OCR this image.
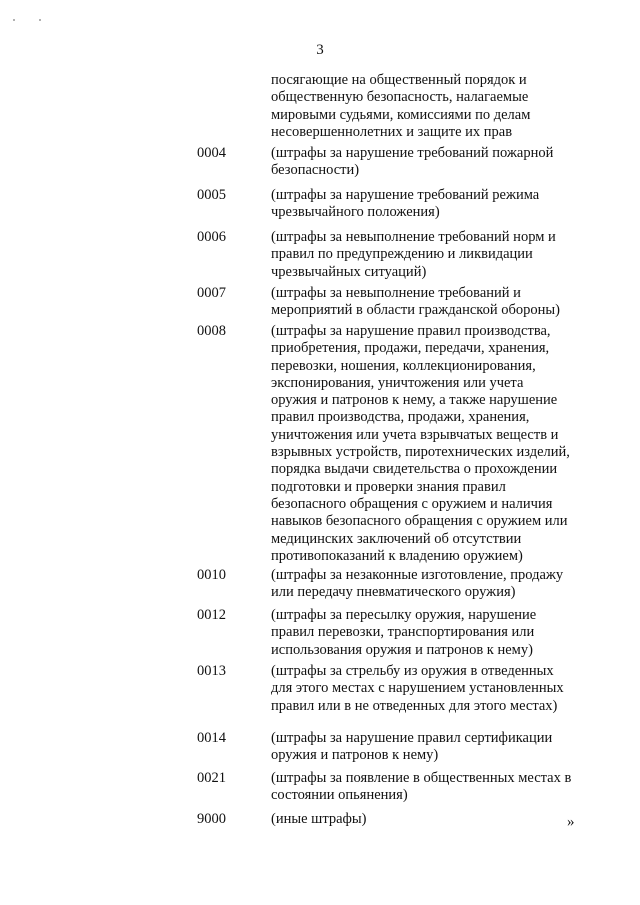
3
посягающие на общественный порядок и
общественную безопасность, налагаемые
мировыми судьями, комиссиями по делам
несовершеннолетних и защите их прав
0004	(штрафы за нарушение требований пожарной
безопасности)
0005	(штрафы за нарушение требований режима
чрезвычайного положения)
0006	(штрафы за невыполнение требований норм и
правил по предупреждению и ликвидации
чрезвычайных ситуаций)
0007	(штрафы за невыполнение требований и
мероприятий в области гражданской обороны)
0008	(штрафы за нарушение правил производства,
приобретения, продажи, передачи, хранения,
перевозки, ношения, коллекционирования,
экспонирования, уничтожения или учета
оружия и патронов к нему, а также нарушение
правил производства, продажи, хранения,
уничтожения или учета взрывчатых веществ и
взрывных устройств, пиротехнических изделий,
порядка выдачи свидетельства о прохождении
подготовки и проверки знания правил
безопасного обращения с оружием и наличия
навыков безопасного обращения с оружием или
медицинских заключений об отсутствии
противопоказаний к владению оружием)
0010	(штрафы за незаконные изготовление, продажу
или передачу пневматического оружия)
0012	(штрафы за пересылку оружия, нарушение
правил перевозки, транспортирования или
использования оружия и патронов к нему)
0013	(штрафы за стрельбу из оружия в отведенных
для этого местах с нарушением установленных
правил или в не отведенных для этого местах)
0014	(штрафы за нарушение правил сертификации
оружия и патронов к нему)
0021	(штрафы за появление в общественных местах в
состоянии опьянения)
9000	(иные штрафы)	»
